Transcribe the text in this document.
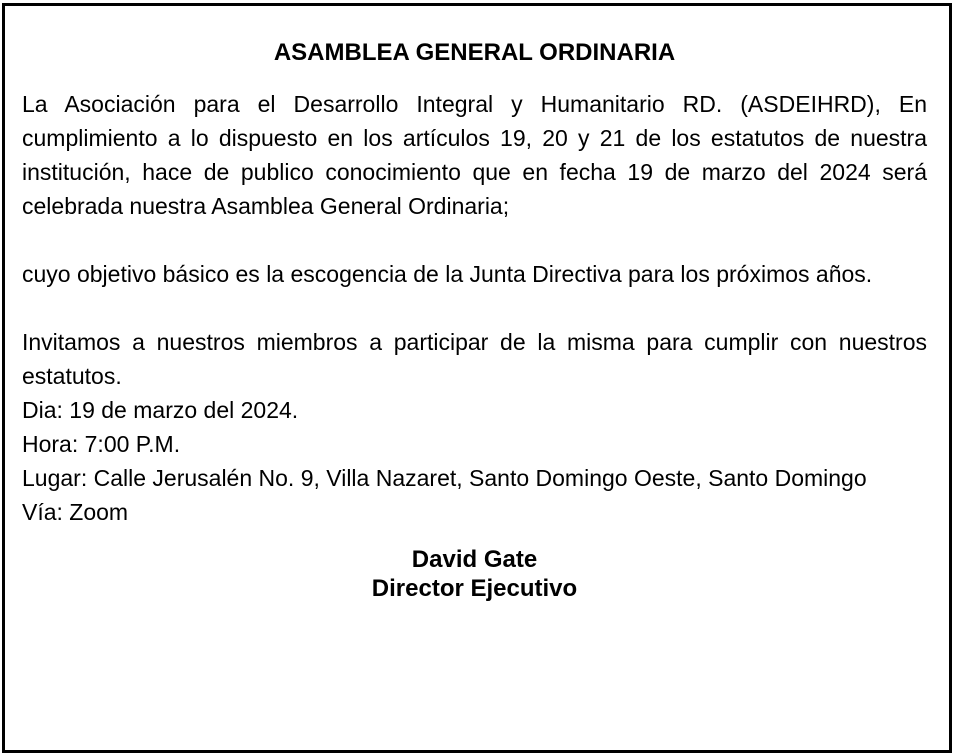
ASAMBLEA GENERAL ORDINARIA

La Asociación para el Desarrollo Integral y Humanitario RD. (ASDEIHRD), En cumplimiento a lo dispuesto en los artículos 19, 20 y 21 de los estatutos de nuestra institución, hace de publico conocimiento que en fecha 19 de marzo del 2024 será celebrada nuestra Asamblea General Ordinaria;

cuyo objetivo básico es la escogencia de la Junta Directiva para los próximos años.

Invitamos a nuestros miembros a participar de la misma para cumplir con nuestros estatutos.

Dia: 19 de marzo del 2024.
Hora: 7:00 P.M.

Lugar: Calle Jerusalén No. 9, Villa Nazaret, Santo Domingo Oeste, Santo Domingo

Vía: Zoom
David Gate
Director Ejecutivo
